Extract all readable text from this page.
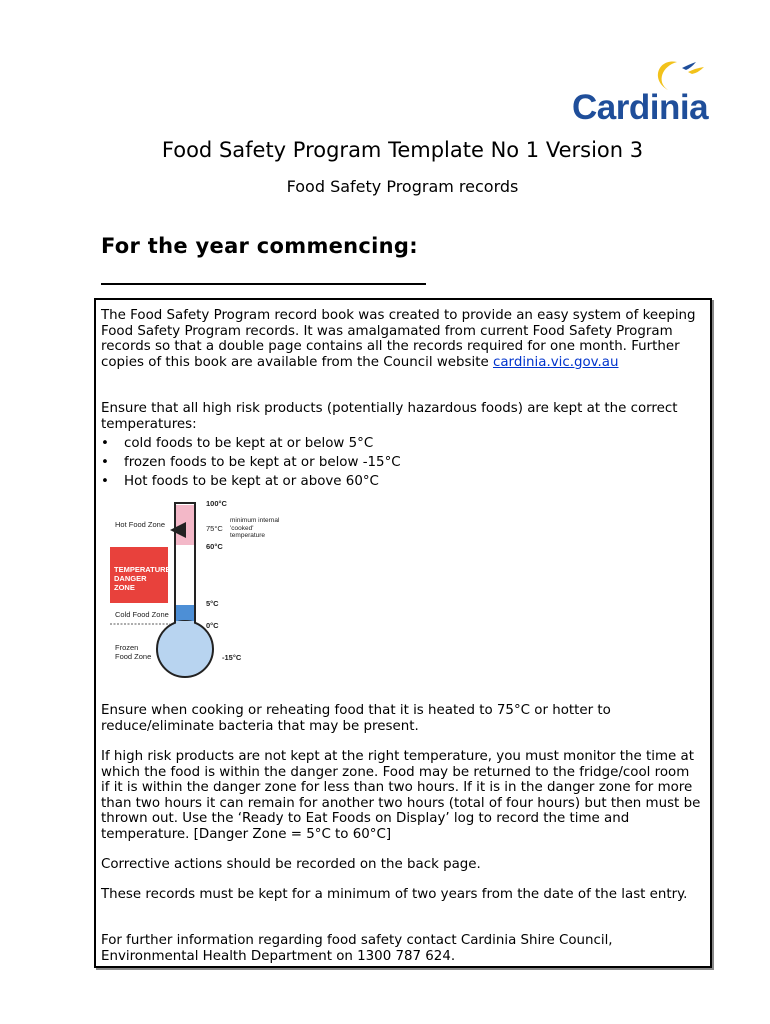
Cardinia
Food Safety Program Template No 1 Version 3
Food Safety Program records
For the year commencing:
The Food Safety Program record book was created to provide an easy system of keeping Food Safety Program records. It was amalgamated from current Food Safety Program records so that a double page contains all the records required for one month. Further copies of this book are available from the Council website cardinia.vic.gov.au
Ensure that all high risk products (potentially hazardous foods) are kept at the correct temperatures:
• cold foods to be kept at or below 5°C
• frozen foods to be kept at or below -15°C
• Hot foods to be kept at or above 60°C
Hot Food Zone
TEMPERATURE DANGER ZONE
Cold Food Zone
Frozen Food Zone
100°C
75°C
60°C
5°C
0°C
-15°C
minimum internal 'cooked' temperature
Ensure when cooking or reheating food that it is heated to 75°C or hotter to reduce/eliminate bacteria that may be present.
If high risk products are not kept at the right temperature, you must monitor the time at which the food is within the danger zone. Food may be returned to the fridge/cool room if it is within the danger zone for less than two hours. If it is in the danger zone for more than two hours it can remain for another two hours (total of four hours) but then must be thrown out. Use the ‘Ready to Eat Foods on Display’ log to record the time and temperature. [Danger Zone = 5°C to 60°C]
Corrective actions should be recorded on the back page.
These records must be kept for a minimum of two years from the date of the last entry.
For further information regarding food safety contact Cardinia Shire Council, Environmental Health Department on 1300 787 624.
